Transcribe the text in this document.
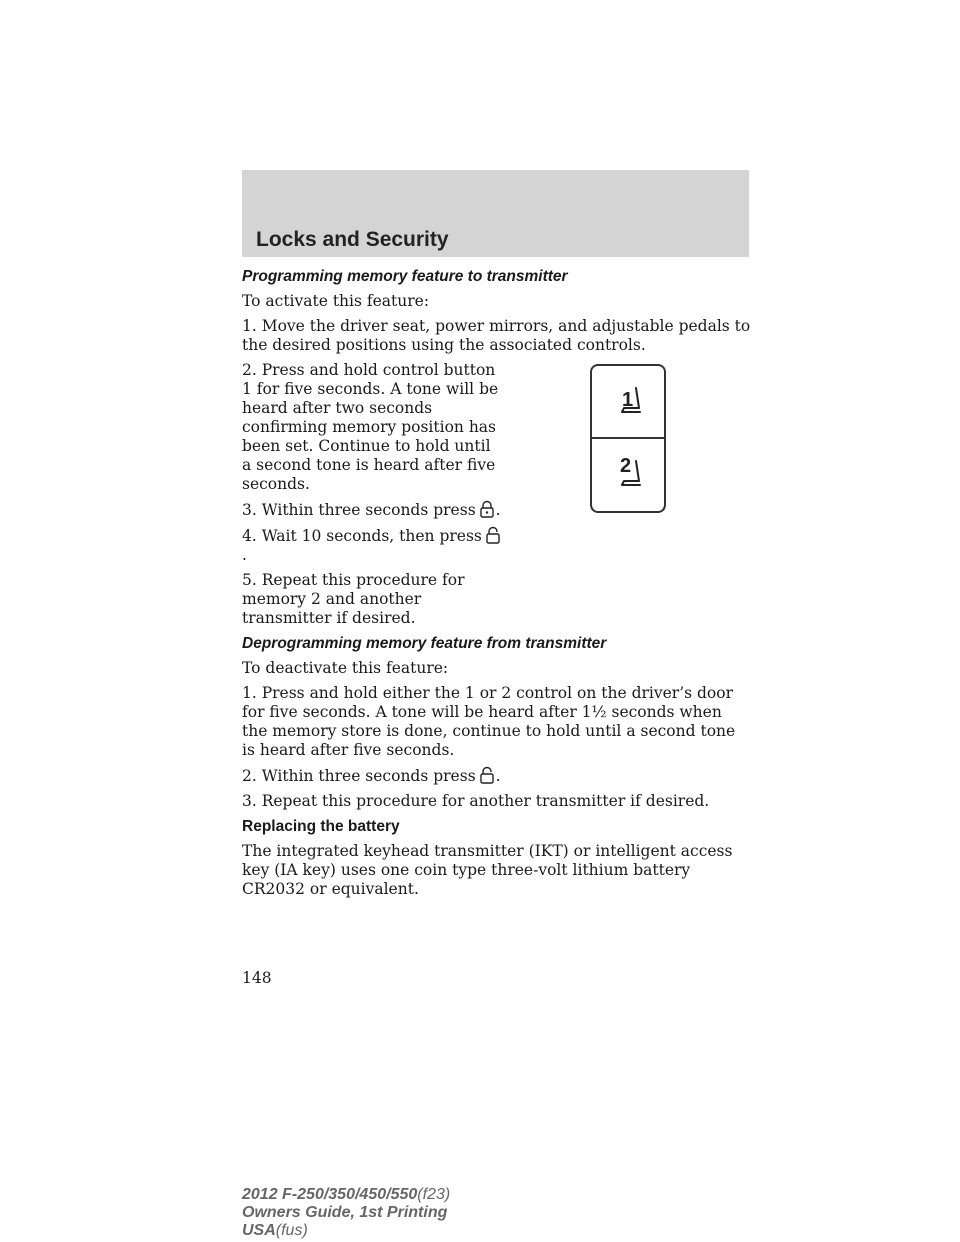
Locks and Security
Programming memory feature to transmitter

To activate this feature:

1. Move the driver seat, power mirrors, and adjustable pedals to the desired positions using the associated controls.

2. Press and hold control button 1 for five seconds. A tone will be heard after two seconds confirming memory position has been set. Continue to hold until a second tone is heard after five seconds.

3. Within three seconds press .

4. Wait 10 seconds, then press.

5. Repeat this procedure for memory 2 and another transmitter if desired.

Deprogramming memory feature from transmitter

To deactivate this feature:

1. Press and hold either the 1 or 2 control on the driver’s door for five seconds. A tone will be heard after 1½ seconds when the memory store is done, continue to hold until a second tone is heard after five seconds.

2. Within three seconds press .

3. Repeat this procedure for another transmitter if desired.

Replacing the battery

The integrated keyhead transmitter (IKT) or intelligent access key (IA key) uses one coin type three-volt lithium battery CR2032 or equivalent.

1
2

148

2012 F-250/350/450/550(f23)
Owners Guide, 1st Printing
USA(fus)
